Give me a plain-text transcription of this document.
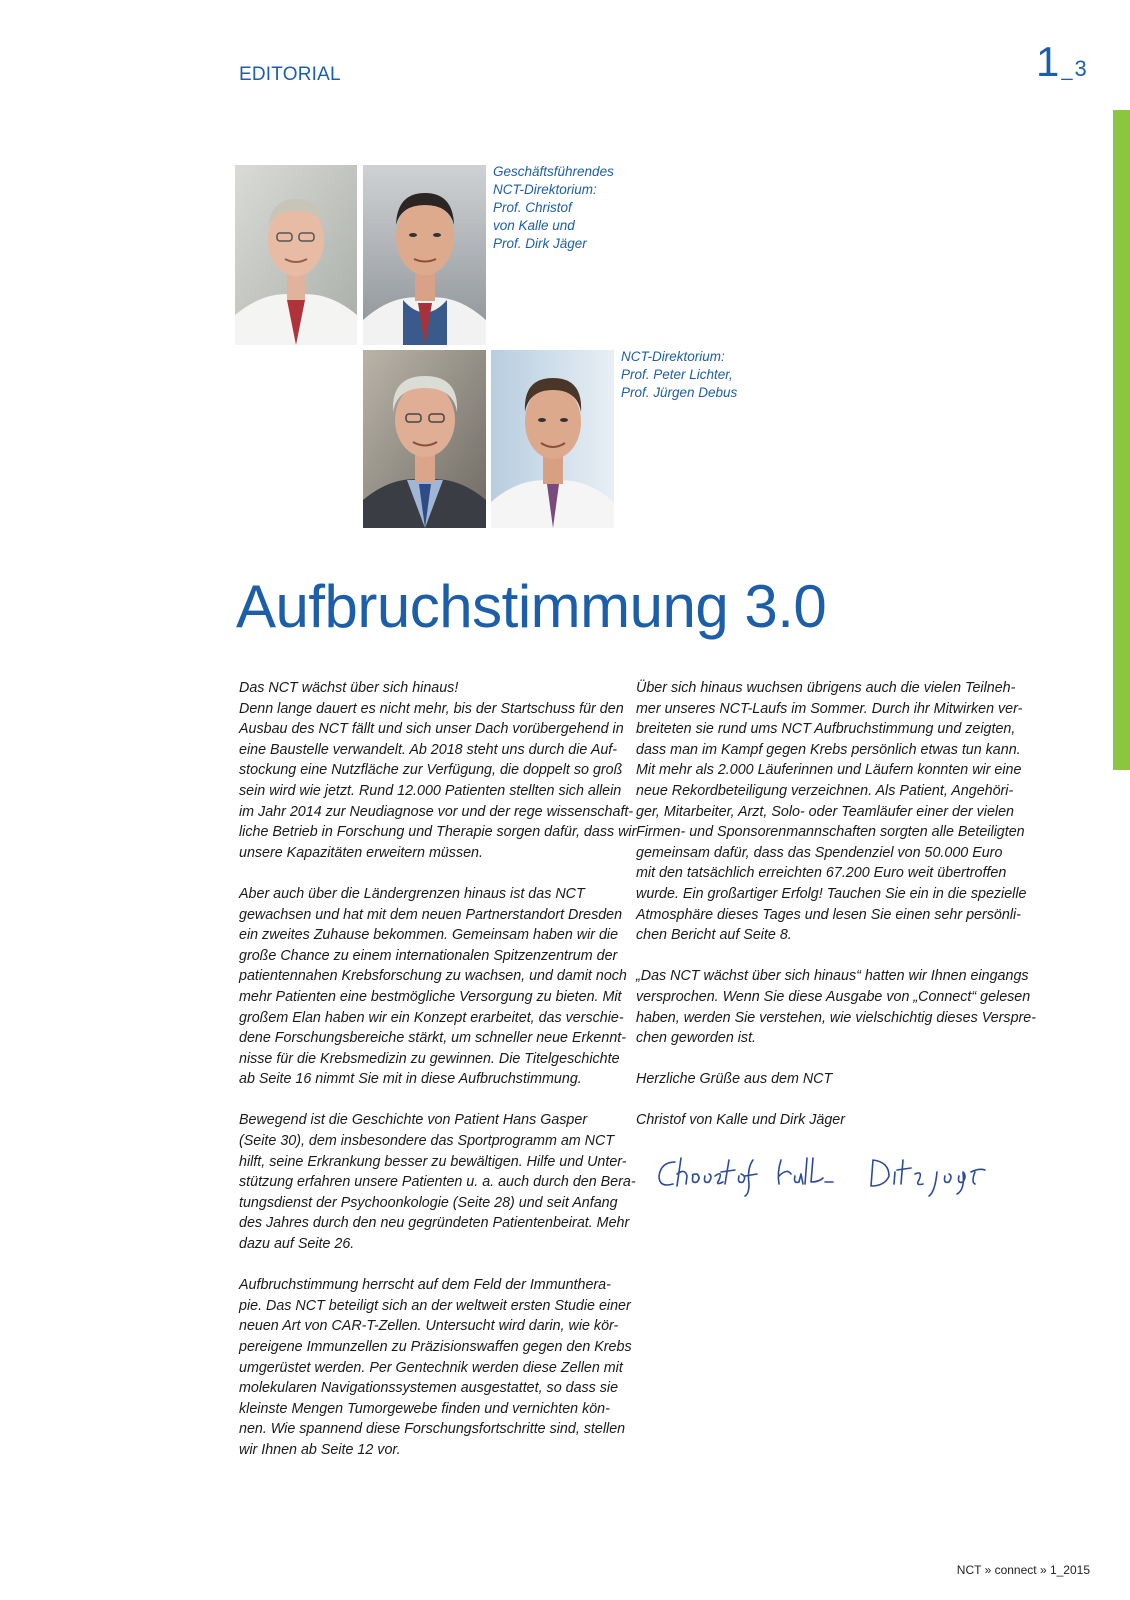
EDITORIAL	1 _3
Geschäftsführendes
NCT-Direktorium:
Prof. Christof
von Kalle und
Prof. Dirk Jäger
NCT-Direktorium:
Prof. Peter Lichter,
Prof. Jürgen Debus
Aufbruchstimmung 3.0
Das NCT wächst über sich hinaus!
Denn lange dauert es nicht mehr, bis der Startschuss für den
Ausbau des NCT fällt und sich unser Dach vorübergehend in
eine Baustelle verwandelt. Ab 2018 steht uns durch die Auf-
stockung eine Nutzfläche zur Verfügung, die doppelt so groß
sein wird wie jetzt. Rund 12.000 Patienten stellten sich allein
im Jahr 2014 zur Neudiagnose vor und der rege wissenschaft-
liche Betrieb in Forschung und Therapie sorgen dafür, dass wir
unsere Kapazitäten erweitern müssen.
Aber auch über die Ländergrenzen hinaus ist das NCT
gewachsen und hat mit dem neuen Partnerstandort Dresden
ein zweites Zuhause bekommen. Gemeinsam haben wir die
große Chance zu einem internationalen Spitzenzentrum der
patientennahen Krebsforschung zu wachsen, und damit noch
mehr Patienten eine bestmögliche Versorgung zu bieten. Mit
großem Elan haben wir ein Konzept erarbeitet, das verschie-
dene Forschungsbereiche stärkt, um schneller neue Erkennt-
nisse für die Krebsmedizin zu gewinnen. Die Titelgeschichte
ab Seite 16 nimmt Sie mit in diese Aufbruchstimmung.
Bewegend ist die Geschichte von Patient Hans Gasper
(Seite 30), dem insbesondere das Sportprogramm am NCT
hilft, seine Erkrankung besser zu bewältigen. Hilfe und Unter-
stützung erfahren unsere Patienten u. a. auch durch den Bera-
tungsdienst der Psychoonkologie (Seite 28) und seit Anfang
des Jahres durch den neu gegründeten Patientenbeirat. Mehr
dazu auf Seite 26.
Aufbruchstimmung herrscht auf dem Feld der Immunthera-
pie. Das NCT beteiligt sich an der weltweit ersten Studie einer
neuen Art von CAR-T-Zellen. Untersucht wird darin, wie kör-
pereigene Immunzellen zu Präzisionswaffen gegen den Krebs
umgerüstet werden. Per Gentechnik werden diese Zellen mit
molekularen Navigationssystemen ausgestattet, so dass sie
kleinste Mengen Tumorgewebe finden und vernichten kön-
nen. Wie spannend diese Forschungsfortschritte sind, stellen
wir Ihnen ab Seite 12 vor.
Über sich hinaus wuchsen übrigens auch die vielen Teilneh-
mer unseres NCT-Laufs im Sommer. Durch ihr Mitwirken ver-
breiteten sie rund ums NCT Aufbruchstimmung und zeigten,
dass man im Kampf gegen Krebs persönlich etwas tun kann.
Mit mehr als 2.000 Läuferinnen und Läufern konnten wir eine
neue Rekordbeteiligung verzeichnen. Als Patient, Angehöri-
ger, Mitarbeiter, Arzt, Solo- oder Teamläufer einer der vielen
Firmen- und Sponsorenmannschaften sorgten alle Beteiligten
gemeinsam dafür, dass das Spendenziel von 50.000 Euro
mit den tatsächlich erreichten 67.200 Euro weit übertroffen
wurde. Ein großartiger Erfolg! Tauchen Sie ein in die spezielle
Atmosphäre dieses Tages und lesen Sie einen sehr persönli-
chen Bericht auf Seite 8.
„Das NCT wächst über sich hinaus“ hatten wir Ihnen eingangs
versprochen. Wenn Sie diese Ausgabe von „Connect“ gelesen
haben, werden Sie verstehen, wie vielschichtig dieses Verspre-
chen geworden ist.
Herzliche Grüße aus dem NCT
Christof von Kalle und Dirk Jäger
NCT » connect » 1_2015
